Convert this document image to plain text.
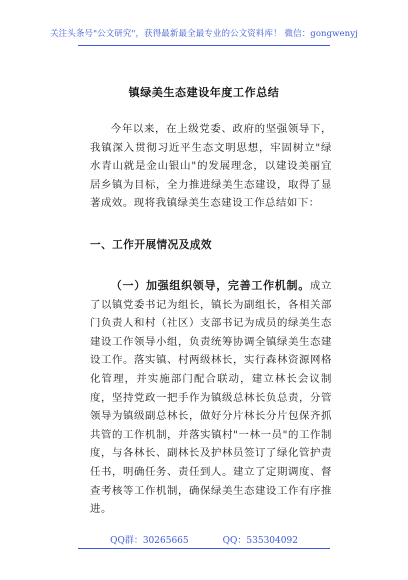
关注头条号"公文研究"，获得最新最全最专业的公文资料库！ 微信：gongwenyj
镇绿美生态建设年度工作总结

今年以来，在上级党委、政府的坚强领导下，我镇深入贯彻习近平生态文明思想，牢固树立"绿水青山就是金山银山"的发展理念，以建设美丽宜居乡镇为目标，全力推进绿美生态建设，取得了显著成效。现将我镇绿美生态建设工作总结如下：

一、工作开展情况及成效

（一）加强组织领导，完善工作机制。成立了以镇党委书记为组长，镇长为副组长，各相关部门负责人和村（社区）支部书记为成员的绿美生态建设工作领导小组，负责统筹协调全镇绿美生态建设工作。落实镇、村两级林长，实行森林资源网格化管理，并实施部门配合联动，建立林长会议制度，坚持党政一把手作为镇级总林长负总责，分管领导为镇级副总林长，做好分片林长分片包保齐抓共管的工作机制，并落实镇村"一林一员"的工作制度，与各林长、副林长及护林员签订了绿化管护责任书，明确任务、责任到人。建立了定期调度、督查考核等工作机制，确保绿美生态建设工作有序推进。

QQ群：30265665	QQ：535304092
